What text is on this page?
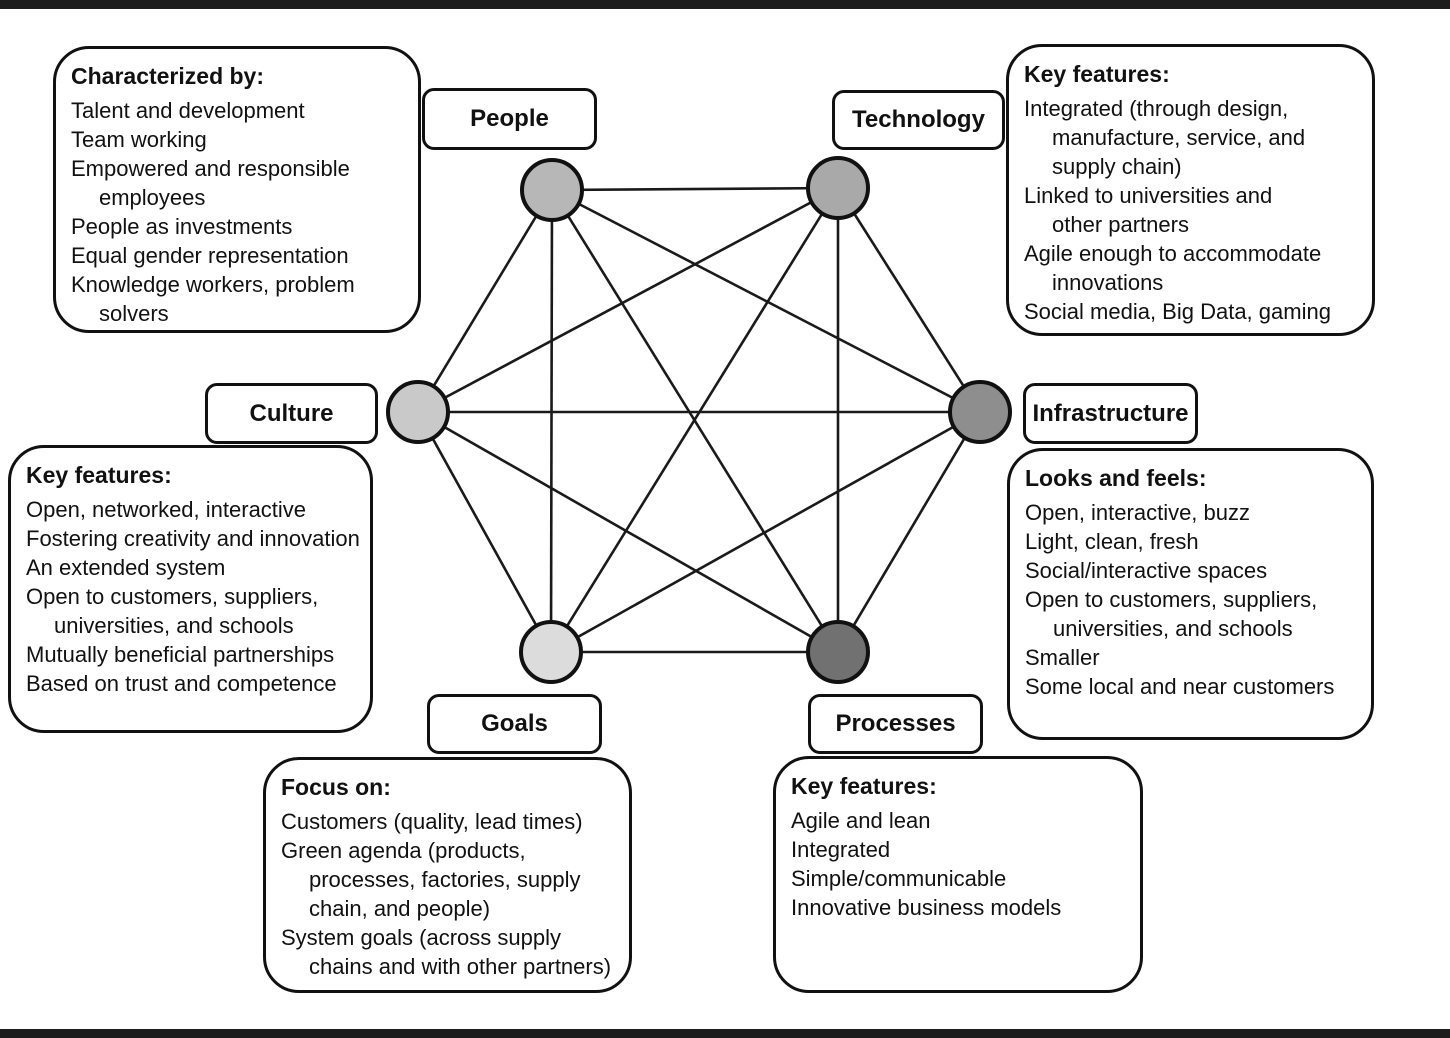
People	Technology
Culture	Infrastructure
Goals	Processes
Characterized by:
Talent and development
Team working
Empowered and responsible
employees
People as investments
Equal gender representation
Knowledge workers, problem
solvers
Key features:
Integrated (through design,
manufacture, service, and
supply chain)
Linked to universities and
other partners
Agile enough to accommodate
innovations
Social media, Big Data, gaming
Key features:
Open, networked, interactive
Fostering creativity and innovation
An extended system
Open to customers, suppliers,
universities, and schools
Mutually beneficial partnerships
Based on trust and competence
Looks and feels:
Open, interactive, buzz
Light, clean, fresh
Social/interactive spaces
Open to customers, suppliers,
universities, and schools
Smaller
Some local and near customers
Focus on:
Customers (quality, lead times)
Green agenda (products,
processes, factories, supply
chain, and people)
System goals (across supply
chains and with other partners)
Key features:
Agile and lean
Integrated
Simple/communicable
Innovative business models
